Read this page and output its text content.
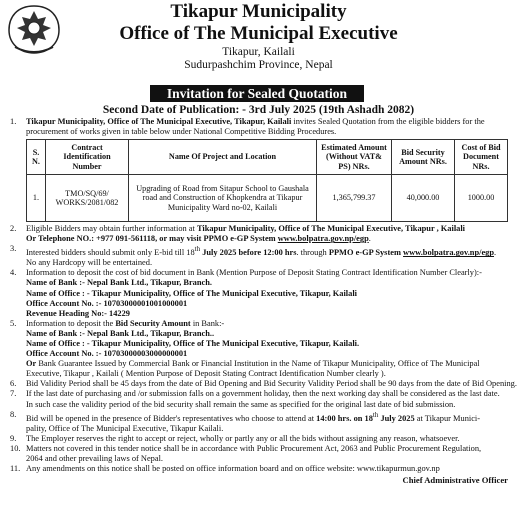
Tikapur Municipality
Office of The Municipal Executive
Tikapur, Kailali
Sudurpashchim Province, Nepal
Invitation for Sealed Quotation
Second Date of Publication: - 3rd July 2025 (19th Ashadh 2082)
1.	Tikapur Municipality, Office of The Municipal Executive, Tikapur, Kailali invites Sealed Quotation from the eligible bidders for the
procurement of works given in table below under National Competitive Bidding Procedures.
S. N.	Contract Identification Number	Name Of Project and Location	Estimated Amount (Without VAT& PS) NRs.	Bid Security Amount NRs.	Cost of Bid Document NRs.
1.	TMO/SQ/69/ WORKS/2081/082	Upgrading of Road from Sitapur School to Gaushala road and Construction of Khopkendra at Tikapur Municipality Ward no-02, Kailali	1,365,799.37	40,000.00	1000.00
2.	Eligible Bidders may obtain further information at Tikapur Municipality, Office of The Municipal Executive, Tikapur , Kailali
Or Telephone NO.: +977 091-561118, or may visit PPMO e-GP System www.bolpatra.gov.np/egp.
3.	Interested bidders should submit only E-bid till 18th July 2025 before 12:00 hrs. through PPMO e-GP System www.bolpatra.gov.np/egp.
No any Hardcopy will be entertained.
4.	Information to deposit the cost of bid document in Bank (Mention Purpose of Deposit Stating Contract Identification Number Clearly):-
Name of Bank :- Nepal Bank Ltd., Tikapur, Branch.
Name of Office : - Tikapur Municipality, Office of The Municipal Executive, Tikapur, Kailali
Office Account No. :- 10703000001001000001
Revenue Heading No:- 14229
5.	Information to deposit the Bid Security Amount in Bank:-
Name of Bank :- Nepal Bank Ltd., Tikapur, Branch..
Name of Office : - Tikapur Municipality, Office of The Municipal Executive, Tikapur, Kailali.
Office Account No. :- 10703000003000000001
Or Bank Guarantee Issued by Commercial Bank or Financial Institution in the Name of Tikapur Municipality, Office of The Municipal
Executive, Tikapur , Kailali ( Mention Purpose of Deposit Stating Contract Identification Number clearly ).
6.	Bid Validity Period shall be 45 days from the date of Bid Opening and Bid Security Validity Period shall be 90 days from the date of Bid Opening.
7.	If the last date of purchasing and /or submission falls on a government holiday, then the next working day shall be considered as the last date.
In such case the validity period of the bid security shall remain the same as specified for the original last date of bid submission.
8.	Bid will be opened in the presence of Bidder's representatives who choose to attend at 14:00 hrs. on 18th July 2025 at Tikapur Munici-
pality, Office of The Municipal Executive, Tikapur Kailali.
9.	The Employer reserves the right to accept or reject, wholly or partly any or all the bids without assigning any reason, whatsoever.
10. Matters not covered in this tender notice shall be in accordance with Public Procurement Act, 2063 and Public Procurement Regulation,
2064 and other prevailing laws of Nepal.
11. Any amendments on this notice shall be posted on office information board and on office website: www.tikapurmun.gov.np
Chief Administrative Officer
